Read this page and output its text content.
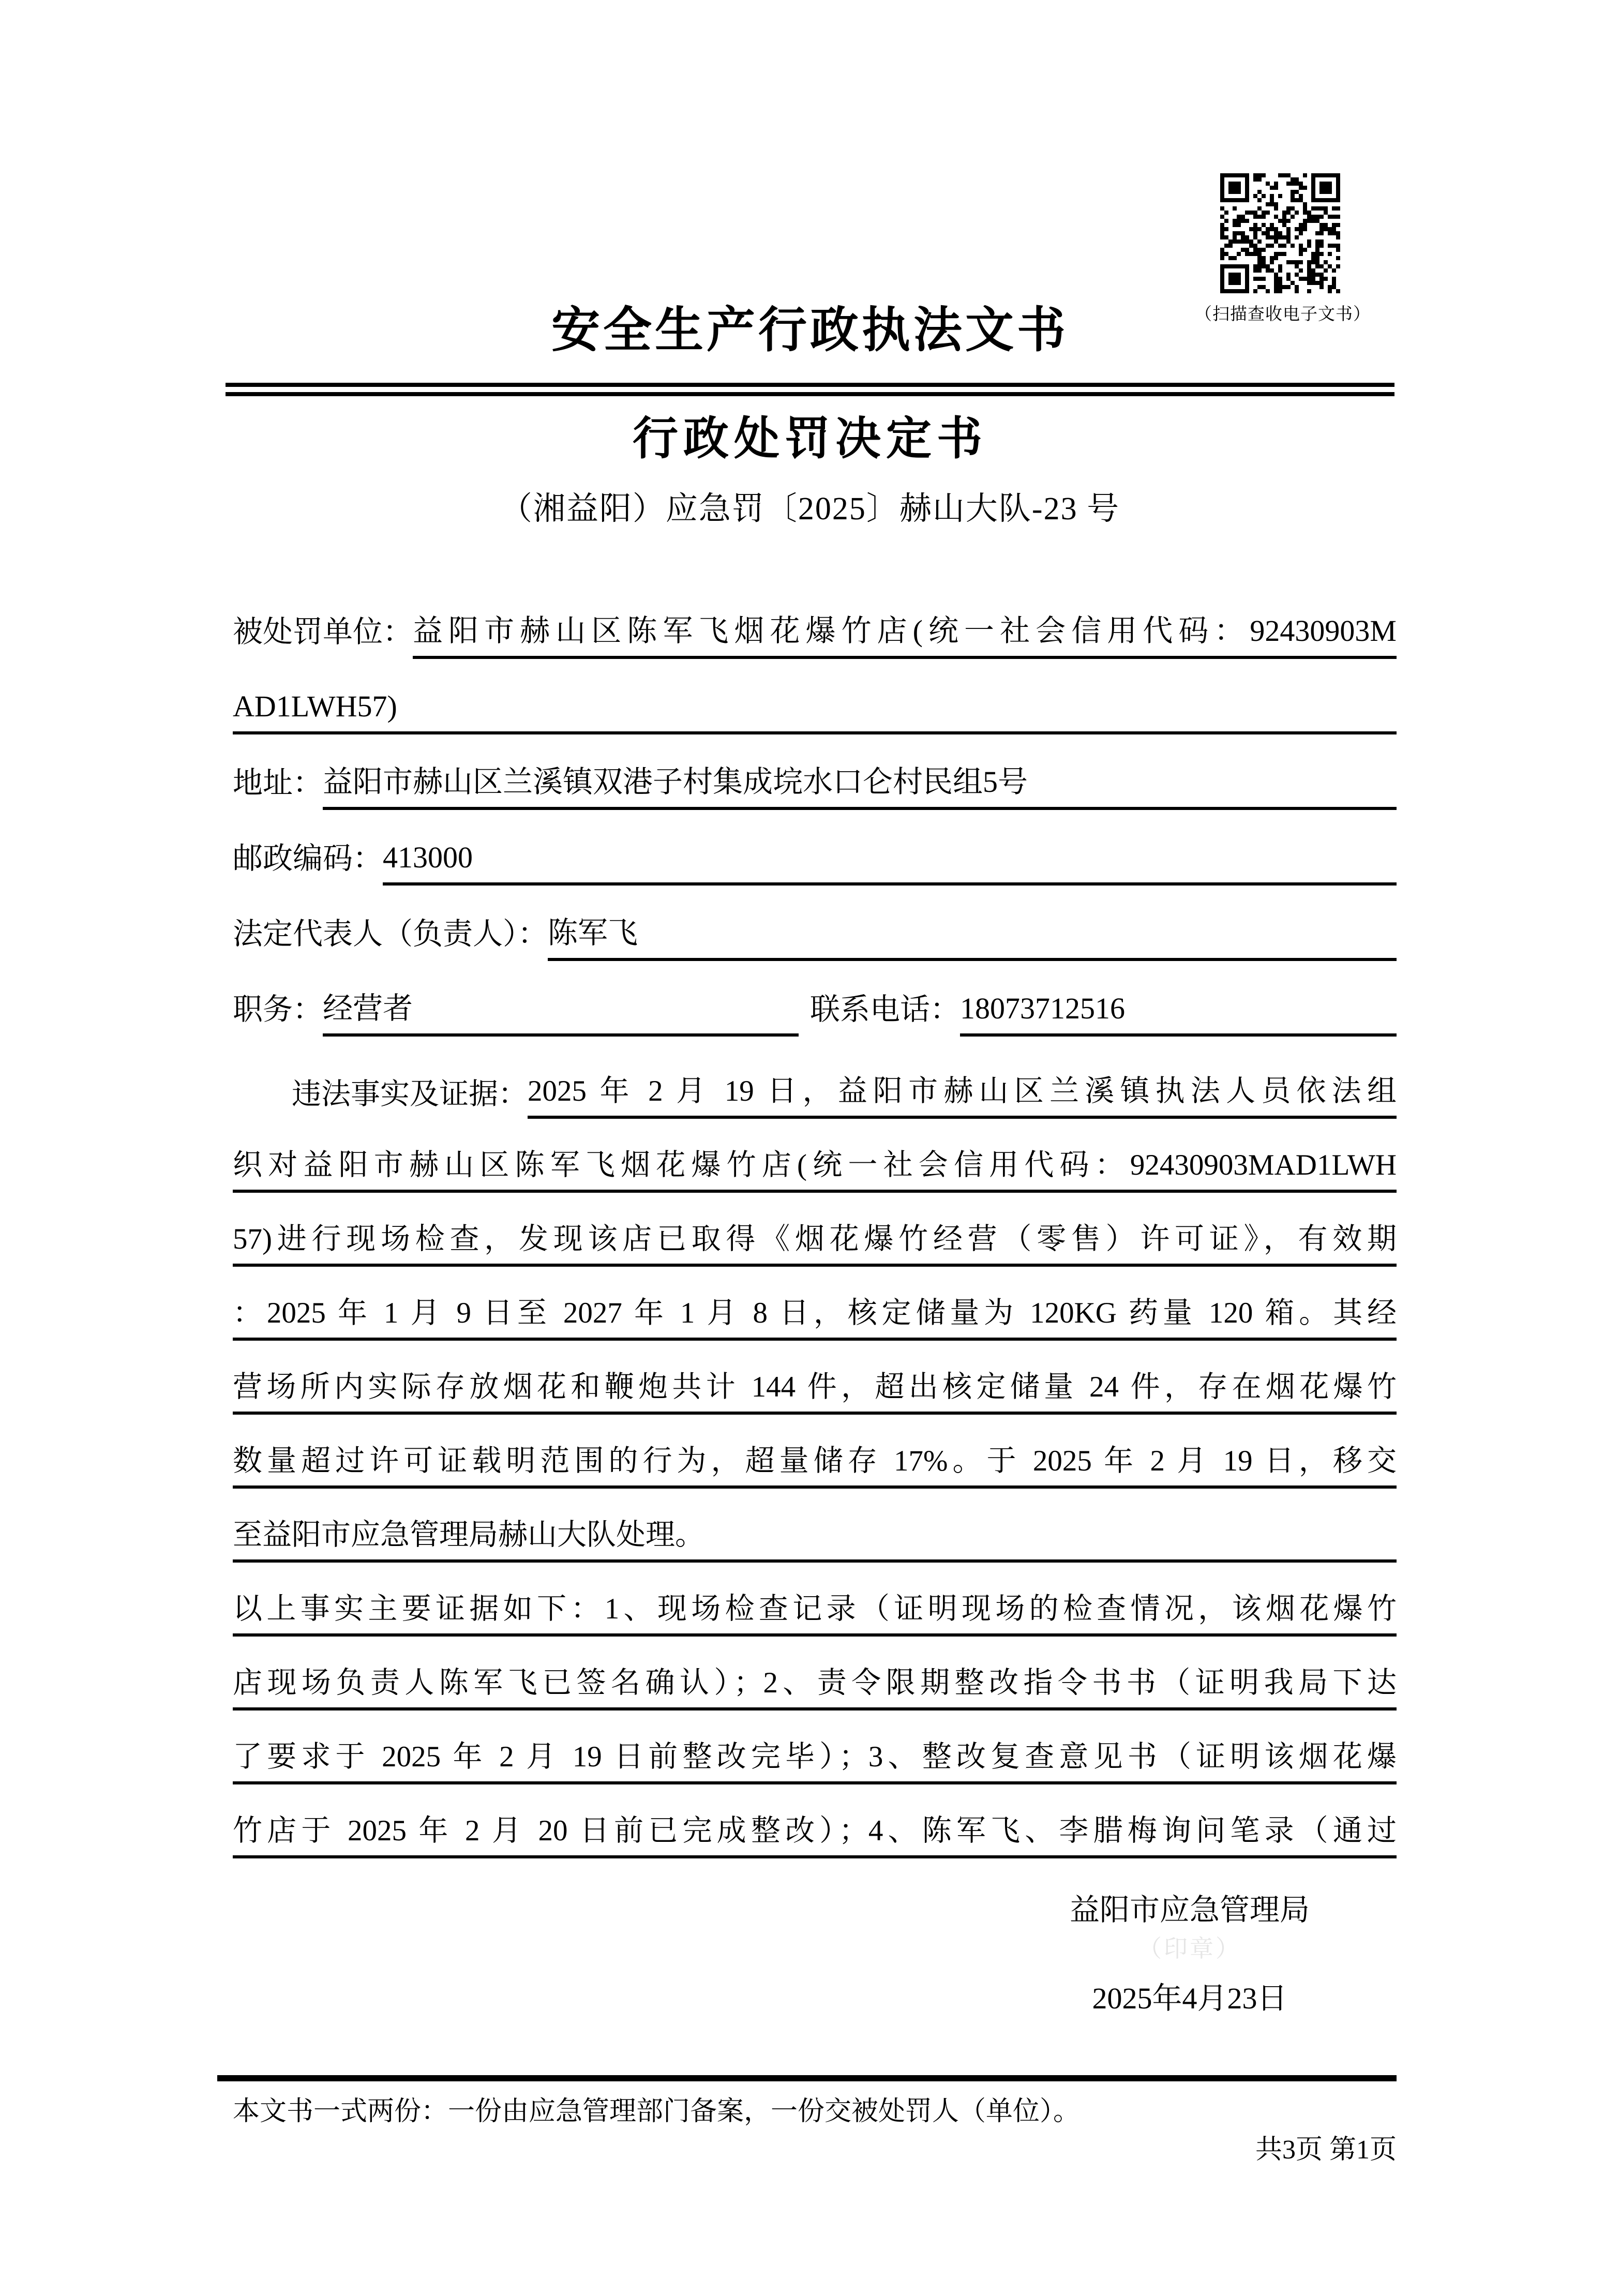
（扫描查收电子文书）
安全生产行政执法文书
行政处罚决定书
（湘益阳）应急罚〔2025〕赫山大队-23 号
被处罚单位： 益阳市赫山区陈军飞烟花爆竹店(统一社会信用代码：92430903M
AD1LWH57)
地址： 益阳市赫山区兰溪镇双港子村集成垸水口仑村民组5号
邮政编码： 413000
法定代表人（负责人）： 陈军飞
职务： 经营者	联系电话： 18073712516
违法事实及证据： 2025 年 2 月 19 日，益阳市赫山区兰溪镇执法人员依法组
织对益阳市赫山区陈军飞烟花爆竹店(统一社会信用代码：92430903MAD1LWH
57)进行现场检查，发现该店已取得《烟花爆竹经营（零售）许可证》，有效期
：2025 年 1 月 9 日至 2027 年 1 月 8 日，核定储量为 120KG 药量 120 箱。其经
营场所内实际存放烟花和鞭炮共计 144 件，超出核定储量 24 件，存在烟花爆竹
数量超过许可证载明范围的行为，超量储存 17%。于 2025 年 2 月 19 日，移交
至益阳市应急管理局赫山大队处理。
以上事实主要证据如下：1、现场检查记录（证明现场的检查情况，该烟花爆竹
店现场负责人陈军飞已签名确认）；2、责令限期整改指令书书（证明我局下达
了要求于 2025 年 2 月 19 日前整改完毕）；3、整改复查意见书（证明该烟花爆
竹店于 2025 年 2 月 20 日前已完成整改）；4、陈军飞、李腊梅询问笔录（通过
益阳市应急管理局
（印章）
2025年4月23日
本文书一式两份：一份由应急管理部门备案，一份交被处罚人（单位）。
共3页 第1页
